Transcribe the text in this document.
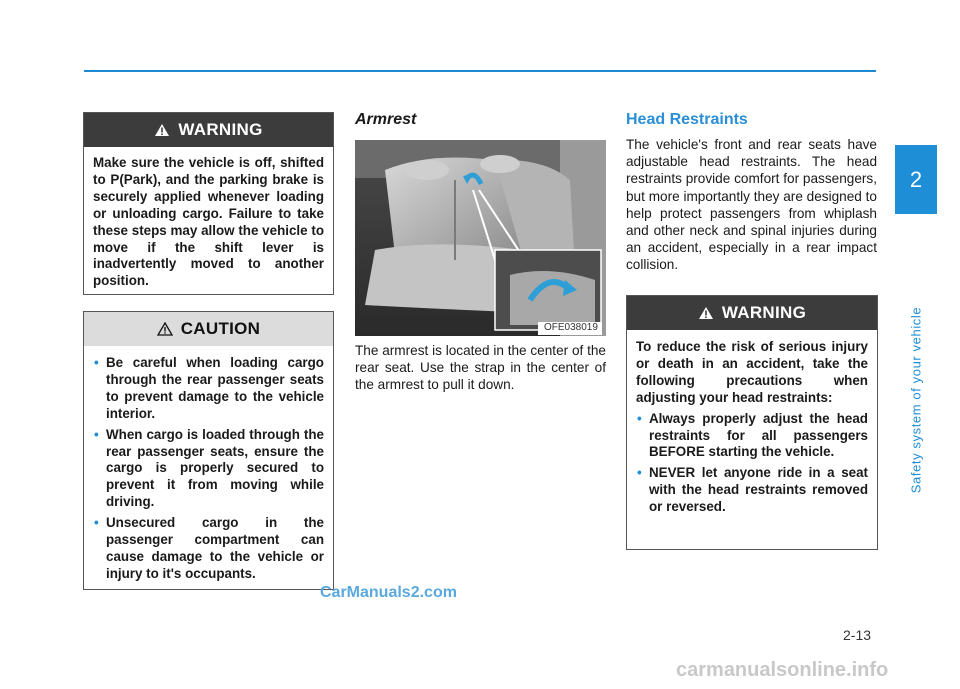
2
Safety system of your vehicle
WARNING

Make sure the vehicle is off, shifted to P(Park), and the parking brake is securely applied whenever loading or unloading cargo. Failure to take these steps may allow the vehicle to move if the shift lever is inadvertently moved to another position.

CAUTION
• Be careful when loading cargo through the rear passenger seats to prevent damage to the vehicle interior.
• When cargo is loaded through the rear passenger seats, ensure the cargo is properly secured to prevent it from moving while driving.
• Unsecured cargo in the passenger compartment can cause damage to the vehicle or injury to it's occupants.
Armrest
OFE038019
The armrest is located in the center of the rear seat. Use the strap in the center of the armrest to pull it down.
Head Restraints
The vehicle's front and rear seats have adjustable head restraints. The head restraints provide comfort for passengers, but more importantly they are designed to help protect passengers from whiplash and other neck and spinal injuries during an accident, especially in a rear impact collision.
WARNING

To reduce the risk of serious injury or death in an accident, take the following precautions when adjusting your head restraints:

• Always properly adjust the head restraints for all passengers BEFORE starting the vehicle.
• NEVER let anyone ride in a seat with the head restraints removed or reversed.
CarManuals2.com
2-13
carmanualsonline.info
